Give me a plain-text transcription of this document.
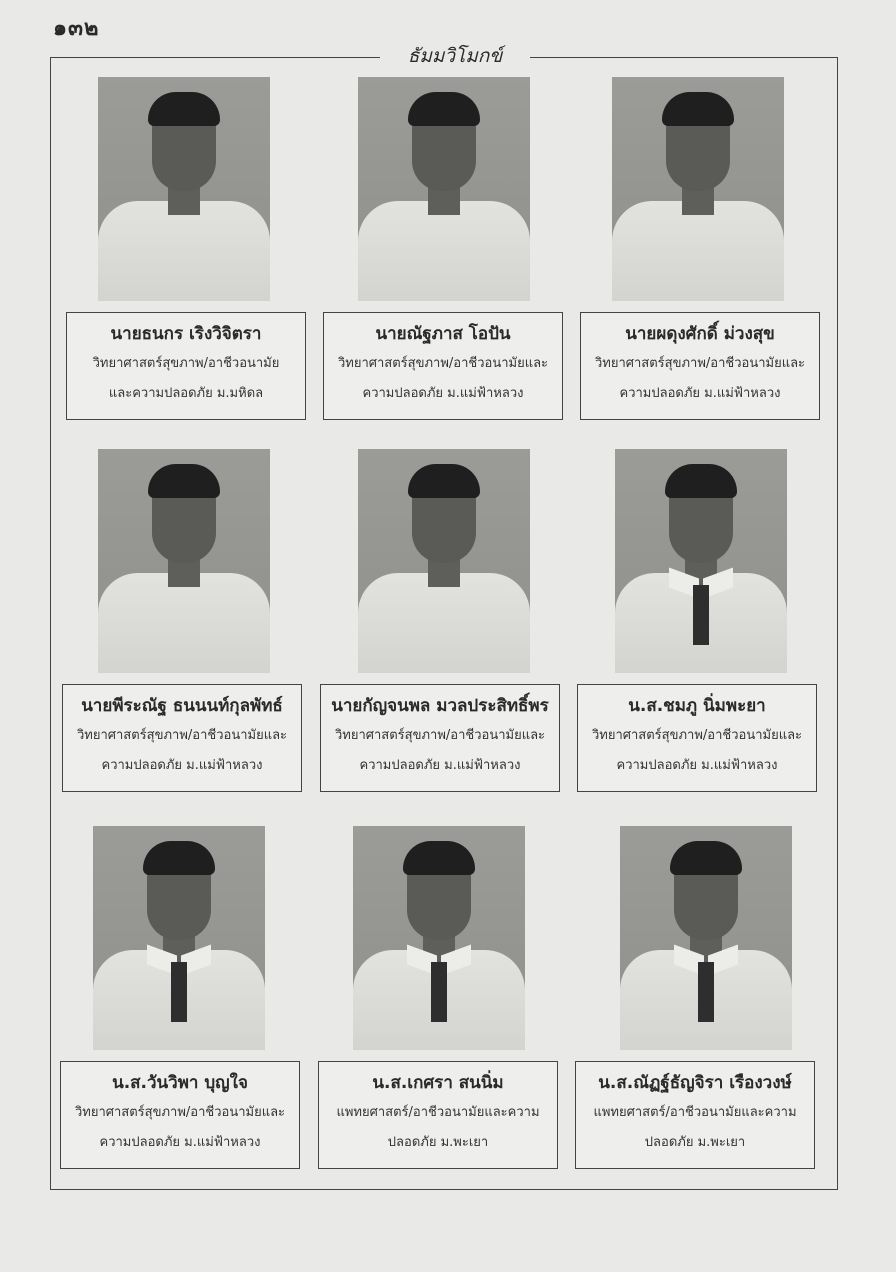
๑๓๒
ธัมมวิโมกข์
นายธนกร เริงวิจิตรา
วิทยาศาสตร์สุขภาพ/อาชีวอนามัย
และความปลอดภัย ม.มหิดล
นายณัฐภาส โอปัน
วิทยาศาสตร์สุขภาพ/อาชีวอนามัยและ
ความปลอดภัย ม.แม่ฟ้าหลวง
นายผดุงศักดิ์ ม่วงสุข
วิทยาศาสตร์สุขภาพ/อาชีวอนามัยและ
ความปลอดภัย ม.แม่ฟ้าหลวง
นายพีระณัฐ ธนนนท์กุลพัทธ์
วิทยาศาสตร์สุขภาพ/อาชีวอนามัยและ
ความปลอดภัย ม.แม่ฟ้าหลวง
นายกัญจนพล มวลประสิทธิ์พร
วิทยาศาสตร์สุขภาพ/อาชีวอนามัยและ
ความปลอดภัย ม.แม่ฟ้าหลวง
น.ส.ชมภู นิ่มพะยา
วิทยาศาสตร์สุขภาพ/อาชีวอนามัยและ
ความปลอดภัย ม.แม่ฟ้าหลวง
น.ส.วันวิพา บุญใจ
วิทยาศาสตร์สุขภาพ/อาชีวอนามัยและ
ความปลอดภัย ม.แม่ฟ้าหลวง
น.ส.เกศรา สนนิ่ม
แพทยศาสตร์/อาชีวอนามัยและความ
ปลอดภัย ม.พะเยา
น.ส.ณัฏฐ์ธัญจิรา เรืองวงษ์
แพทยศาสตร์/อาชีวอนามัยและความ
ปลอดภัย ม.พะเยา
